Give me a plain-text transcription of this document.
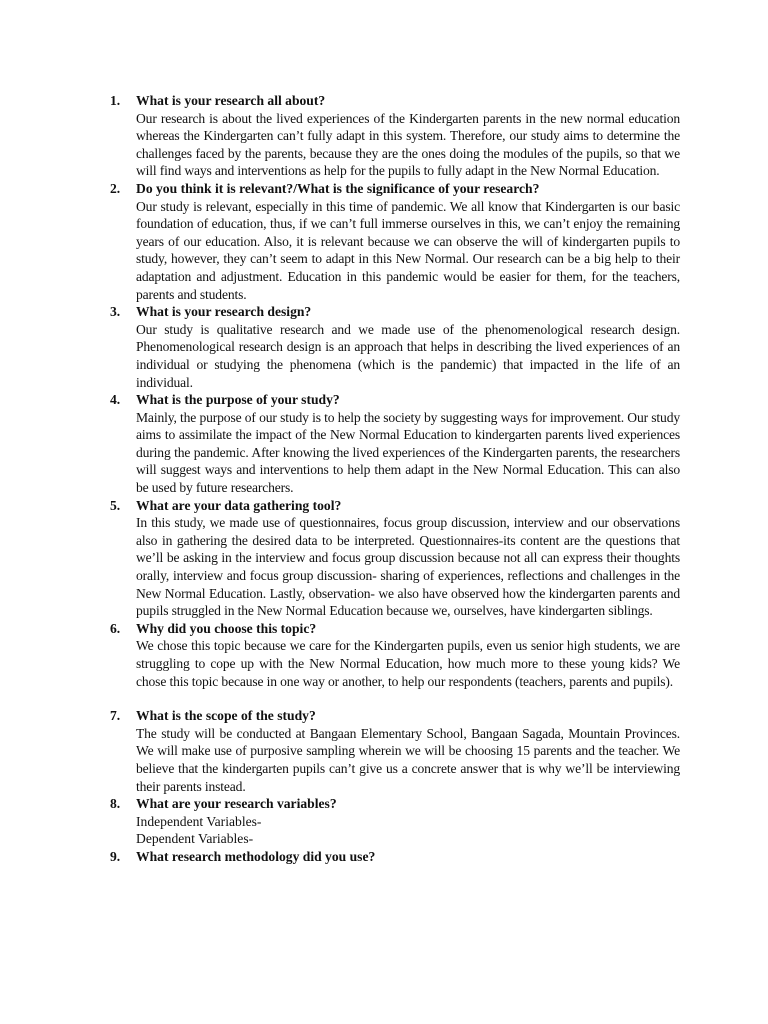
1. What is your research all about?

Our research is about the lived experiences of the Kindergarten parents in the new normal education whereas the Kindergarten can’t fully adapt in this system. Therefore, our study aims to determine the challenges faced by the parents, because they are the ones doing the modules of the pupils, so that we will find ways and interventions as help for the pupils to fully adapt in the New Normal Education.

2. Do you think it is relevant?/What is the significance of your research?

Our study is relevant, especially in this time of pandemic. We all know that Kindergarten is our basic foundation of education, thus, if we can’t full immerse ourselves in this, we can’t enjoy the remaining years of our education. Also, it is relevant because we can observe the will of kindergarten pupils to study, however, they can’t seem to adapt in this New Normal. Our research can be a big help to their adaptation and adjustment. Education in this pandemic would be easier for them, for the teachers, parents and students.

3. What is your research design?

Our study is qualitative research and we made use of the phenomenological research design. Phenomenological research design is an approach that helps in describing the lived experiences of an individual or studying the phenomena (which is the pandemic) that impacted in the life of an individual.

4. What is the purpose of your study?

Mainly, the purpose of our study is to help the society by suggesting ways for improvement. Our study aims to assimilate the impact of the New Normal Education to kindergarten parents lived experiences during the pandemic. After knowing the lived experiences of the Kindergarten parents, the researchers will suggest ways and interventions to help them adapt in the New Normal Education. This can also be used by future researchers.

5. What are your data gathering tool?

In this study, we made use of questionnaires, focus group discussion, interview and our observations also in gathering the desired data to be interpreted. Questionnaires-its content are the questions that we’ll be asking in the interview and focus group discussion because not all can express their thoughts orally, interview and focus group discussion- sharing of experiences, reflections and challenges in the New Normal Education. Lastly, observation- we also have observed how the kindergarten parents and pupils struggled in the New Normal Education because we, ourselves, have kindergarten siblings.

6. Why did you choose this topic?

We chose this topic because we care for the Kindergarten pupils, even us senior high students, we are struggling to cope up with the New Normal Education, how much more to these young kids? We chose this topic because in one way or another, to help our respondents (teachers, parents and pupils).

7. What is the scope of the study?

The study will be conducted at Bangaan Elementary School, Bangaan Sagada, Mountain Provinces. We will make use of purposive sampling wherein we will be choosing 15 parents and the teacher. We believe that the kindergarten pupils can’t give us a concrete answer that is why we’ll be interviewing their parents instead.

8. What are your research variables?
Independent Variables-
Dependent Variables-
9. What research methodology did you use?
